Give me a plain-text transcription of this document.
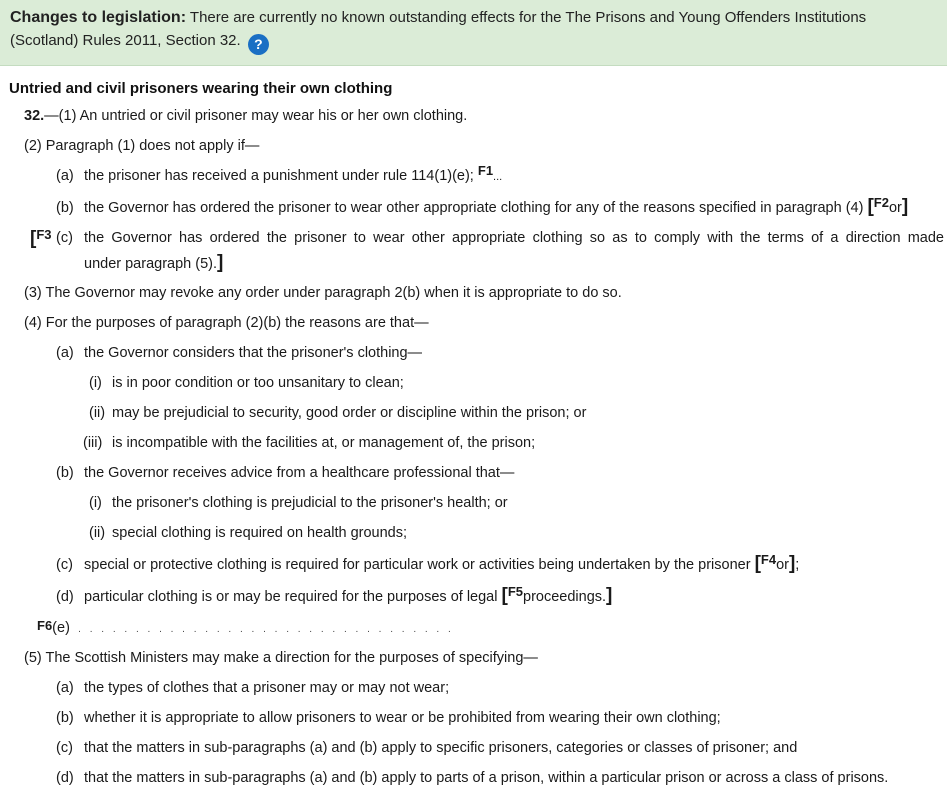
Changes to legislation: There are currently no known outstanding effects for the The Prisons and Young Offenders Institutions
(Scotland) Rules 2011, Section 32. ?
Untried and civil prisoners wearing their own clothing
32.—(1) An untried or civil prisoner may wear his or her own clothing.
(2) Paragraph (1) does not apply if—
(a) the prisoner has received a punishment under rule 114(1)(e); F1...
(b) the Governor has ordered the prisoner to wear other appropriate clothing for any of the reasons specified in paragraph (4) [F2or]
[F3 (c) the Governor has ordered the prisoner to wear other appropriate clothing so as to comply with the terms of a direction made
under paragraph (5).]
(3) The Governor may revoke any order under paragraph 2(b) when it is appropriate to do so.
(4) For the purposes of paragraph (2)(b) the reasons are that—
(a) the Governor considers that the prisoner's clothing—
(i) is in poor condition or too unsanitary to clean;
(ii) may be prejudicial to security, good order or discipline within the prison; or
(iii) is incompatible with the facilities at, or management of, the prison;
(b) the Governor receives advice from a healthcare professional that—
(i) the prisoner's clothing is prejudicial to the prisoner's health; or
(ii) special clothing is required on health grounds;
(c) special or protective clothing is required for particular work or activities being undertaken by the prisoner [F4or];
(d) particular clothing is or may be required for the purposes of legal [F5proceedings.]
F6(e) . . . . . . . . . . . . . . . . . . . . . . . . . . . . . . . . .
(5) The Scottish Ministers may make a direction for the purposes of specifying—
(a) the types of clothes that a prisoner may or may not wear;
(b) whether it is appropriate to allow prisoners to wear or be prohibited from wearing their own clothing;
(c) that the matters in sub-paragraphs (a) and (b) apply to specific prisoners, categories or classes of prisoner; and
(d) that the matters in sub-paragraphs (a) and (b) apply to parts of a prison, within a particular prison or across a class of prisons.
